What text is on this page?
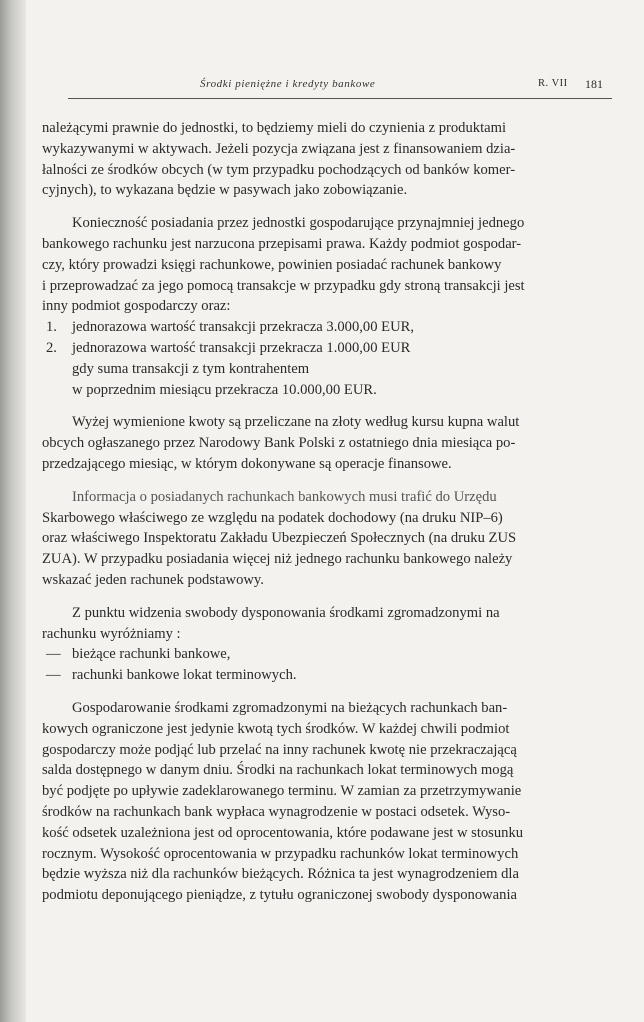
Środki pieniężne i kredyty bankowe	R. VII 181

należącymi prawnie do jednostki, to będziemy mieli do czynienia z produktami

wykazywanymi w aktywach. Jeżeli pozycja związana jest z finansowaniem dzia-

łalności ze środków obcych (w tym przypadku pochodzących od banków komer-

cyjnych), to wykazana będzie w pasywach jako zobowiązanie.

Konieczność posiadania przez jednostki gospodarujące przynajmniej jednego

bankowego rachunku jest narzucona przepisami prawa. Każdy podmiot gospodar-

czy, który prowadzi księgi rachunkowe, powinien posiadać rachunek bankowy

i przeprowadzać za jego pomocą transakcje w przypadku gdy stroną transakcji jest

inny podmiot gospodarczy oraz:

1. jednorazowa wartość transakcji przekracza 3.000,00 EUR,

2. jednorazowa wartość transakcji przekracza 1.000,00 EUR

gdy suma transakcji z tym kontrahentem

w poprzednim miesiącu przekracza 10.000,00 EUR.

Wyżej wymienione kwoty są przeliczane na złoty według kursu kupna walut

obcych ogłaszanego przez Narodowy Bank Polski z ostatniego dnia miesiąca po-

przedzającego miesiąc, w którym dokonywane są operacje finansowe.

Informacja o posiadanych rachunkach bankowych musi trafić do Urzędu

Skarbowego właściwego ze względu na podatek dochodowy (na druku NIP–6)

oraz właściwego Inspektoratu Zakładu Ubezpieczeń Społecznych (na druku ZUS

ZUA). W przypadku posiadania więcej niż jednego rachunku bankowego należy

wskazać jeden rachunek podstawowy.

Z punktu widzenia swobody dysponowania środkami zgromadzonymi na

rachunku wyróżniamy :

— bieżące rachunki bankowe,

— rachunki bankowe lokat terminowych.

Gospodarowanie środkami zgromadzonymi na bieżących rachunkach ban-

kowych ograniczone jest jedynie kwotą tych środków. W każdej chwili podmiot

gospodarczy może podjąć lub przelać na inny rachunek kwotę nie przekraczającą

salda dostępnego w danym dniu. Środki na rachunkach lokat terminowych mogą

być podjęte po upływie zadeklarowanego terminu. W zamian za przetrzymywanie

środków na rachunkach bank wypłaca wynagrodzenie w postaci odsetek. Wyso-

kość odsetek uzależniona jest od oprocentowania, które podawane jest w stosunku

rocznym. Wysokość oprocentowania w przypadku rachunków lokat terminowych

będzie wyższa niż dla rachunków bieżących. Różnica ta jest wynagrodzeniem dla

podmiotu deponującego pieniądze, z tytułu ograniczonej swobody dysponowania
